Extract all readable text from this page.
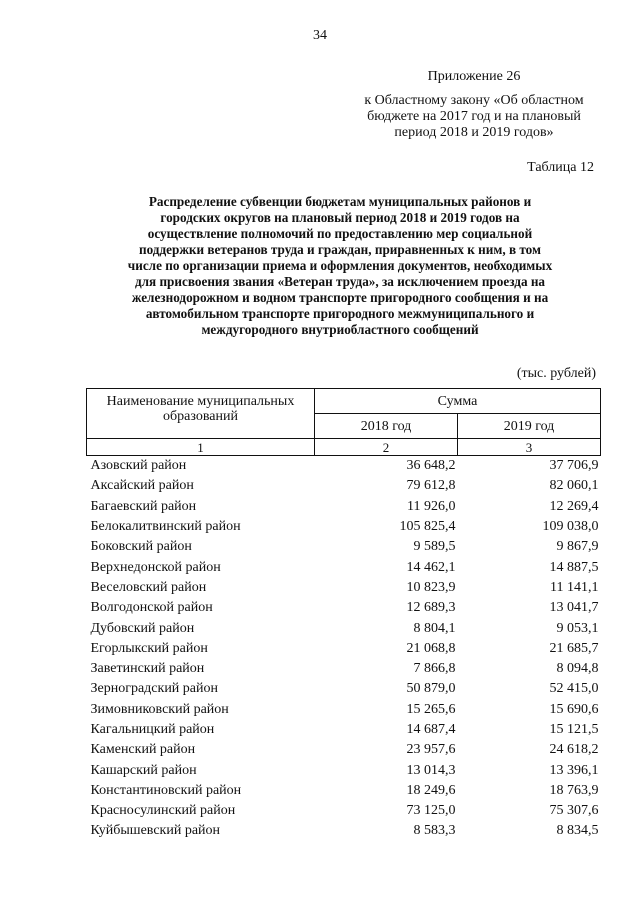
34
Приложение 26
к Областному закону «Об областном
бюджете на 2017 год и на плановый
период 2018 и 2019 годов»
Таблица 12
Распределение субвенции бюджетам муниципальных районов и
городских округов на плановый период 2018 и 2019 годов на
осуществление полномочий по предоставлению мер социальной
поддержки ветеранов труда и граждан, приравненных к ним, в том
числе по организации приема и оформления документов, необходимых
для присвоения звания «Ветеран труда», за исключением проезда на
железнодорожном и водном транспорте пригородного сообщения и на
автомобильном транспорте пригородного межмуниципального и
междугородного внутриобластного сообщений
(тыс. рублей)
Наименование муниципальных образований	Сумма	
	2018 год	2019 год
1	2	3
Азовский район	36 648,2	37 706,9
Аксайский район	79 612,8	82 060,1
Багаевский район	11 926,0	12 269,4
Белокалитвинский район	105 825,4	109 038,0
Боковский район	9 589,5	9 867,9
Верхнедонской район	14 462,1	14 887,5
Веселовский район	10 823,9	11 141,1
Волгодонской район	12 689,3	13 041,7
Дубовский район	8 804,1	9 053,1
Егорлыкский район	21 068,8	21 685,7
Заветинский район	7 866,8	8 094,8
Зерноградский район	50 879,0	52 415,0
Зимовниковский район	15 265,6	15 690,6
Кагальницкий район	14 687,4	15 121,5
Каменский район	23 957,6	24 618,2
Кашарский район	13 014,3	13 396,1
Константиновский район	18 249,6	18 763,9
Красносулинский район	73 125,0	75 307,6
Куйбышевский район	8 583,3	8 834,5
